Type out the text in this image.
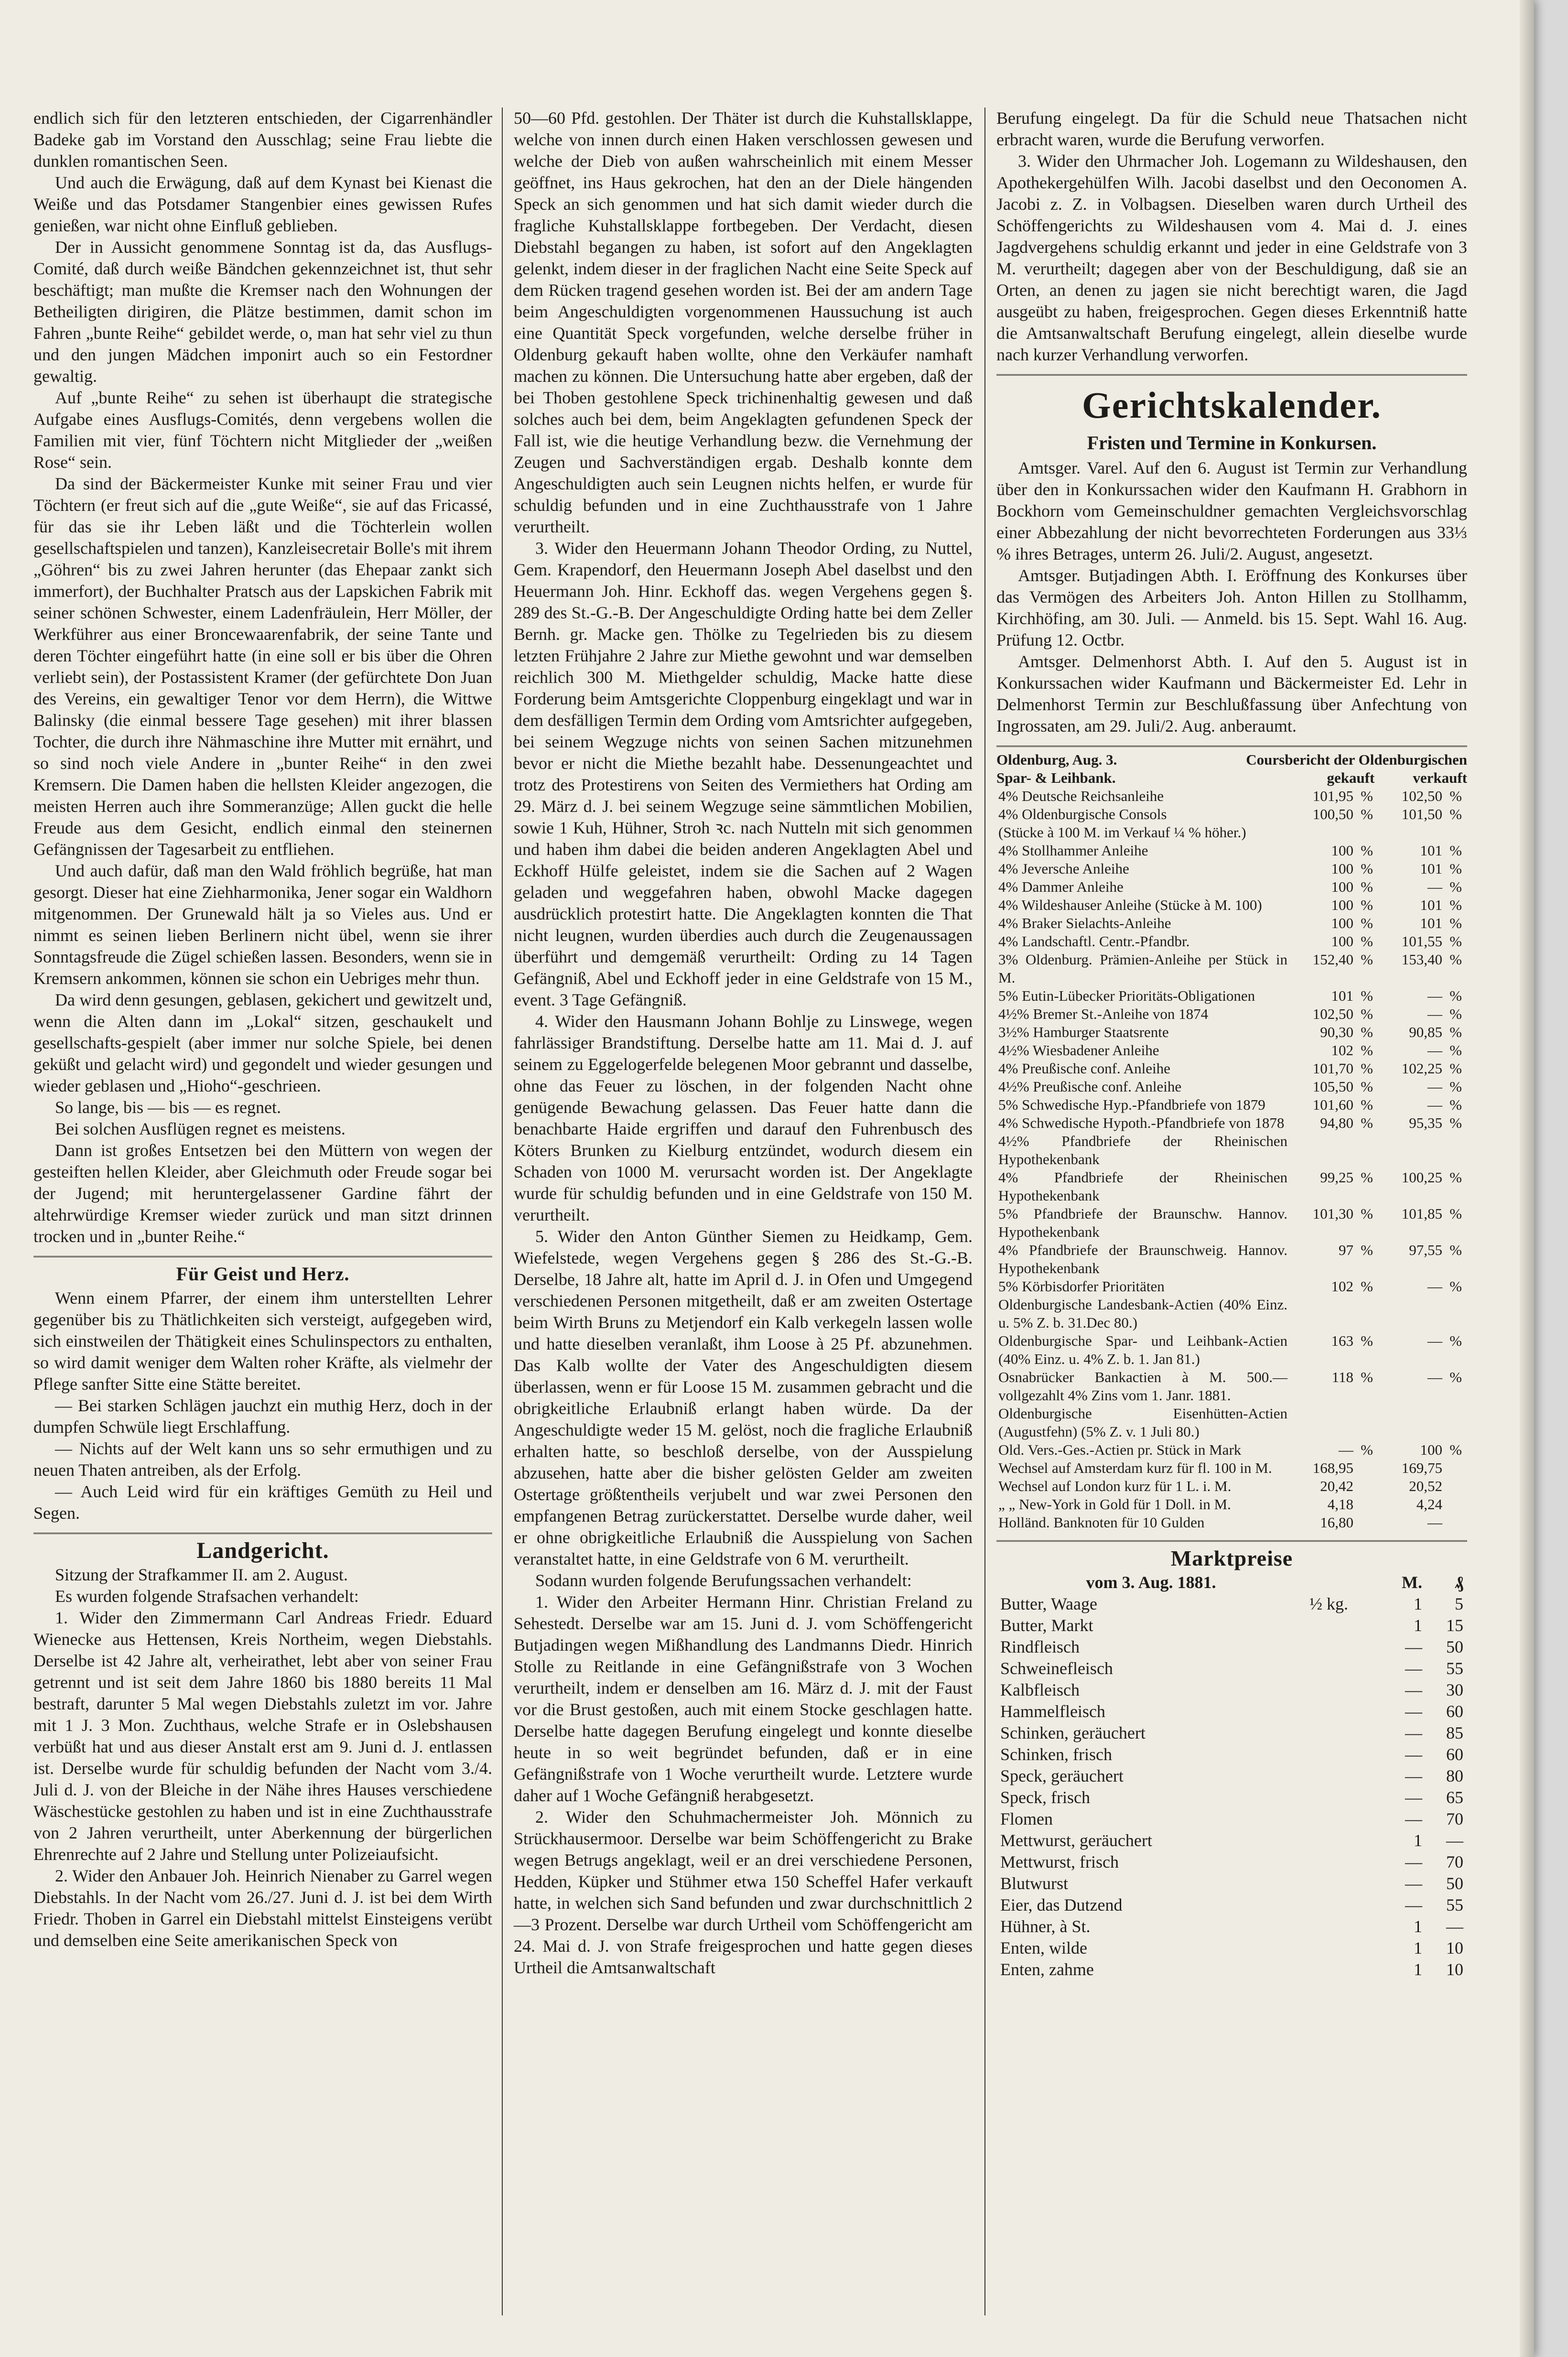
endlich sich für den letzteren entschieden, der Cigarrenhändler Badeke gab im Vorstand den Ausschlag; seine Frau liebte die dunklen romantischen Seen.

Und auch die Erwägung, daß auf dem Kynast bei Kienast die Weiße und das Potsdamer Stangenbier eines gewissen Rufes genießen, war nicht ohne Einfluß geblieben.

Der in Aussicht genommene Sonntag ist da, das Ausflugs-Comité, daß durch weiße Bändchen gekennzeichnet ist, thut sehr beschäftigt; man mußte die Kremser nach den Wohnungen der Betheiligten dirigiren, die Plätze bestimmen, damit schon im Fahren „bunte Reihe“ gebildet werde, o, man hat sehr viel zu thun und den jungen Mädchen imponirt auch so ein Festordner gewaltig.

Auf „bunte Reihe“ zu sehen ist überhaupt die strategische Aufgabe eines Ausflugs-Comités, denn vergebens wollen die Familien mit vier, fünf Töchtern nicht Mitglieder der „weißen Rose“ sein.

Da sind der Bäckermeister Kunke mit seiner Frau und vier Töchtern (er freut sich auf die „gute Weiße“, sie auf das Fricassé, für das sie ihr Leben läßt und die Töchterlein wollen gesellschaftspielen und tanzen), Kanzleisecretair Bolle's mit ihrem „Göhren“ bis zu zwei Jahren herunter (das Ehepaar zankt sich immerfort), der Buchhalter Pratsch aus der Lapskichen Fabrik mit seiner schönen Schwester, einem Ladenfräulein, Herr Möller, der Werkführer aus einer Broncewaarenfabrik, der seine Tante und deren Töchter eingeführt hatte (in eine soll er bis über die Ohren verliebt sein), der Postassistent Kramer (der gefürchtete Don Juan des Vereins, ein gewaltiger Tenor vor dem Herrn), die Wittwe Balinsky (die einmal bessere Tage gesehen) mit ihrer blassen Tochter, die durch ihre Nähmaschine ihre Mutter mit ernährt, und so sind noch viele Andere in „bunter Reihe“ in den zwei Kremsern. Die Damen haben die hellsten Kleider angezogen, die meisten Herren auch ihre Sommeranzüge; Allen guckt die helle Freude aus dem Gesicht, endlich einmal den steinernen Gefängnissen der Tagesarbeit zu entfliehen.

Und auch dafür, daß man den Wald fröhlich begrüße, hat man gesorgt. Dieser hat eine Ziehharmonika, Jener sogar ein Waldhorn mitgenommen. Der Grunewald hält ja so Vieles aus. Und er nimmt es seinen lieben Berlinern nicht übel, wenn sie ihrer Sonntagsfreude die Zügel schießen lassen. Besonders, wenn sie in Kremsern ankommen, können sie schon ein Uebriges mehr thun.

Da wird denn gesungen, geblasen, gekichert und gewitzelt und, wenn die Alten dann im „Lokal“ sitzen, geschaukelt und gesellschafts-gespielt (aber immer nur solche Spiele, bei denen geküßt und gelacht wird) und gegondelt und wieder gesungen und wieder geblasen und „Hioho“-geschrieen.

So lange, bis — bis — es regnet.

Bei solchen Ausflügen regnet es meistens.

Dann ist großes Entsetzen bei den Müttern von wegen der gesteiften hellen Kleider, aber Gleichmuth oder Freude sogar bei der Jugend; mit heruntergelassener Gardine fährt der altehrwürdige Kremser wieder zurück und man sitzt drinnen trocken und in „bunter Reihe.“

Für Geist und Herz.

Wenn einem Pfarrer, der einem ihm unterstellten Lehrer gegenüber bis zu Thätlichkeiten sich versteigt, aufgegeben wird, sich einstweilen der Thätigkeit eines Schulinspectors zu enthalten, so wird damit weniger dem Walten roher Kräfte, als vielmehr der Pflege sanfter Sitte eine Stätte bereitet.

— Bei starken Schlägen jauchzt ein muthig Herz, doch in der dumpfen Schwüle liegt Erschlaffung.

— Nichts auf der Welt kann uns so sehr ermuthigen und zu neuen Thaten antreiben, als der Erfolg.

— Auch Leid wird für ein kräftiges Gemüth zu Heil und Segen.

Landgericht.

Sitzung der Strafkammer II. am 2. August.

Es wurden folgende Strafsachen verhandelt:

1. Wider den Zimmermann Carl Andreas Friedr. Eduard Wienecke aus Hettensen, Kreis Northeim, wegen Diebstahls. Derselbe ist 42 Jahre alt, verheirathet, lebt aber von seiner Frau getrennt und ist seit dem Jahre 1860 bis 1880 bereits 11 Mal bestraft, darunter 5 Mal wegen Diebstahls zuletzt im vor. Jahre mit 1 J. 3 Mon. Zuchthaus, welche Strafe er in Oslebshausen verbüßt hat und aus dieser Anstalt erst am 9. Juni d. J. entlassen ist. Derselbe wurde für schuldig befunden der Nacht vom 3./4. Juli d. J. von der Bleiche in der Nähe ihres Hauses verschiedene Wäschestücke gestohlen zu haben und ist in eine Zuchthausstrafe von 2 Jahren verurtheilt, unter Aberkennung der bürgerlichen Ehrenrechte auf 2 Jahre und Stellung unter Polizeiaufsicht.

2. Wider den Anbauer Joh. Heinrich Nienaber zu Garrel wegen Diebstahls. In der Nacht vom 26./27. Juni d. J. ist bei dem Wirth Friedr. Thoben in Garrel ein Diebstahl mittelst Einsteigens verübt und demselben eine Seite amerikanischen Speck von

50—60 Pfd. gestohlen. Der Thäter ist durch die Kuhstallsklappe, welche von innen durch einen Haken verschlossen gewesen und welche der Dieb von außen wahrscheinlich mit einem Messer geöffnet, ins Haus gekrochen, hat den an der Diele hängenden Speck an sich genommen und hat sich damit wieder durch die fragliche Kuhstallsklappe fortbegeben. Der Verdacht, diesen Diebstahl begangen zu haben, ist sofort auf den Angeklagten gelenkt, indem dieser in der fraglichen Nacht eine Seite Speck auf dem Rücken tragend gesehen worden ist. Bei der am andern Tage beim Angeschuldigten vorgenommenen Haussuchung ist auch eine Quantität Speck vorgefunden, welche derselbe früher in Oldenburg gekauft haben wollte, ohne den Verkäufer namhaft machen zu können. Die Untersuchung hatte aber ergeben, daß der bei Thoben gestohlene Speck trichinenhaltig gewesen und daß solches auch bei dem, beim Angeklagten gefundenen Speck der Fall ist, wie die heutige Verhandlung bezw. die Vernehmung der Zeugen und Sachverständigen ergab. Deshalb konnte dem Angeschuldigten auch sein Leugnen nichts helfen, er wurde für schuldig befunden und in eine Zuchthausstrafe von 1 Jahre verurtheilt.

3. Wider den Heuermann Johann Theodor Ording, zu Nuttel, Gem. Krapendorf, den Heuermann Joseph Abel daselbst und den Heuermann Joh. Hinr. Eckhoff das. wegen Vergehens gegen §. 289 des St.-G.-B. Der Angeschuldigte Ording hatte bei dem Zeller Bernh. gr. Macke gen. Thölke zu Tegelrieden bis zu diesem letzten Frühjahre 2 Jahre zur Miethe gewohnt und war demselben reichlich 300 M. Miethgelder schuldig, Macke hatte diese Forderung beim Amtsgerichte Cloppenburg eingeklagt und war in dem desfälligen Termin dem Ording vom Amtsrichter aufgegeben, bei seinem Wegzuge nichts von seinen Sachen mitzunehmen bevor er nicht die Miethe bezahlt habe. Dessenungeachtet und trotz des Protestirens von Seiten des Vermiethers hat Ording am 29. März d. J. bei seinem Wegzuge seine sämmtlichen Mobilien, sowie 1 Kuh, Hühner, Stroh ꝛc. nach Nutteln mit sich genommen und haben ihm dabei die beiden anderen Angeklagten Abel und Eckhoff Hülfe geleistet, indem sie die Sachen auf 2 Wagen geladen und weggefahren haben, obwohl Macke dagegen ausdrücklich protestirt hatte. Die Angeklagten konnten die That nicht leugnen, wurden überdies auch durch die Zeugenaussagen überführt und demgemäß verurtheilt: Ording zu 14 Tagen Gefängniß, Abel und Eckhoff jeder in eine Geldstrafe von 15 M., event. 3 Tage Gefängniß.

4. Wider den Hausmann Johann Bohlje zu Linswege, wegen fahrlässiger Brandstiftung. Derselbe hatte am 11. Mai d. J. auf seinem zu Eggelogerfelde belegenen Moor gebrannt und dasselbe, ohne das Feuer zu löschen, in der folgenden Nacht ohne genügende Bewachung gelassen. Das Feuer hatte dann die benachbarte Haide ergriffen und darauf den Fuhrenbusch des Köters Brunken zu Kielburg entzündet, wodurch diesem ein Schaden von 1000 M. verursacht worden ist. Der Angeklagte wurde für schuldig befunden und in eine Geldstrafe von 150 M. verurtheilt.

5. Wider den Anton Günther Siemen zu Heidkamp, Gem. Wiefelstede, wegen Vergehens gegen § 286 des St.-G.-B. Derselbe, 18 Jahre alt, hatte im April d. J. in Ofen und Umgegend verschiedenen Personen mitgetheilt, daß er am zweiten Ostertage beim Wirth Bruns zu Metjendorf ein Kalb verkegeln lassen wolle und hatte dieselben veranlaßt, ihm Loose à 25 Pf. abzunehmen. Das Kalb wollte der Vater des Angeschuldigten diesem überlassen, wenn er für Loose 15 M. zusammen gebracht und die obrigkeitliche Erlaubniß erlangt haben würde. Da der Angeschuldigte weder 15 M. gelöst, noch die fragliche Erlaubniß erhalten hatte, so beschloß derselbe, von der Ausspielung abzusehen, hatte aber die bisher gelösten Gelder am zweiten Ostertage größtentheils verjubelt und war zwei Personen den empfangenen Betrag zurückerstattet. Derselbe wurde daher, weil er ohne obrigkeitliche Erlaubniß die Ausspielung von Sachen veranstaltet hatte, in eine Geldstrafe von 6 M. verurtheilt.

Sodann wurden folgende Berufungssachen verhandelt:

1. Wider den Arbeiter Hermann Hinr. Christian Freland zu Sehestedt. Derselbe war am 15. Juni d. J. vom Schöffengericht Butjadingen wegen Mißhandlung des Landmanns Diedr. Hinrich Stolle zu Reitlande in eine Gefängnißstrafe von 3 Wochen verurtheilt, indem er denselben am 16. März d. J. mit der Faust vor die Brust gestoßen, auch mit einem Stocke geschlagen hatte. Derselbe hatte dagegen Berufung eingelegt und konnte dieselbe heute in so weit begründet befunden, daß er in eine Gefängnißstrafe von 1 Woche verurtheilt wurde. Letztere wurde daher auf 1 Woche Gefängniß herabgesetzt.

2. Wider den Schuhmachermeister Joh. Mönnich zu Strückhausermoor. Derselbe war beim Schöffengericht zu Brake wegen Betrugs angeklagt, weil er an drei verschiedene Personen, Hedden, Küpker und Stühmer etwa 150 Scheffel Hafer verkauft hatte, in welchen sich Sand befunden und zwar durchschnittlich 2—3 Prozent. Derselbe war durch Urtheil vom Schöffengericht am 24. Mai d. J. von Strafe freigesprochen und hatte gegen dieses Urtheil die Amtsanwaltschaft

Berufung eingelegt. Da für die Schuld neue Thatsachen nicht erbracht waren, wurde die Berufung verworfen.

3. Wider den Uhrmacher Joh. Logemann zu Wildeshausen, den Apothekergehülfen Wilh. Jacobi daselbst und den Oeconomen A. Jacobi z. Z. in Volbagsen. Dieselben waren durch Urtheil des Schöffengerichts zu Wildeshausen vom 4. Mai d. J. eines Jagdvergehens schuldig erkannt und jeder in eine Geldstrafe von 3 M. verurtheilt; dagegen aber von der Beschuldigung, daß sie an Orten, an denen zu jagen sie nicht berechtigt waren, die Jagd ausgeübt zu haben, freigesprochen. Gegen dieses Erkenntniß hatte die Amtsanwaltschaft Berufung eingelegt, allein dieselbe wurde nach kurzer Verhandlung verworfen.

Gerichtskalender.
Fristen und Termine in Konkursen.

Amtsger. Varel. Auf den 6. August ist Termin zur Verhandlung über den in Konkurssachen wider den Kaufmann H. Grabhorn in Bockhorn vom Gemeinschuldner gemachten Vergleichsvorschlag einer Abbezahlung der nicht bevorrechteten Forderungen aus 33⅓ % ihres Betrages, unterm 26. Juli/2. August, angesetzt.

Amtsger. Butjadingen Abth. I. Eröffnung des Konkurses über das Vermögen des Arbeiters Joh. Anton Hillen zu Stollhamm, Kirchhöfing, am 30. Juli. — Anmeld. bis 15. Sept. Wahl 16. Aug. Prüfung 12. Octbr.

Amtsger. Delmenhorst Abth. I. Auf den 5. August ist in Konkurssachen wider Kaufmann und Bäckermeister Ed. Lehr in Delmenhorst Termin zur Beschlußfassung über Anfechtung von Ingrossaten, am 29. Juli/2. Aug. anberaumt.

Oldenburg, Aug. 3.	Coursbericht der Oldenburgischen
Spar- & Leihbank.	gekauft	verkauft
4% Deutsche Reichsanleihe	101,95	%	102,50	%
4% Oldenburgische Consols	100,50	%	101,50	%
(Stücke à 100 M. im Verkauf ¼ % höher.)				
4% Stollhammer Anleihe	100	%	101	%
4% Jeversche Anleihe	100	%	101	%
4% Dammer Anleihe	100	%	—	%
4% Wildeshauser Anleihe (Stücke à M. 100)	100	%	101	%
4% Braker Sielachts-Anleihe	100	%	101	%
4% Landschaftl. Centr.-Pfandbr.	100	%	101,55	%
3% Oldenburg. Prämien-Anleihe per Stück in M.	152,40	%	153,40	%
5% Eutin-Lübecker Prioritäts-Obligationen	101	%	—	%
4½% Bremer St.-Anleihe von 1874	102,50	%	—	%
3½% Hamburger Staatsrente	90,30	%	90,85	%
4½% Wiesbadener Anleihe	102	%	—	%
4% Preußische conf. Anleihe	101,70	%	102,25	%
4½% Preußische conf. Anleihe	105,50	%	—	%
5% Schwedische Hyp.-Pfandbriefe von 1879	101,60	%	—	%
4% Schwedische Hypoth.-Pfandbriefe von 1878	94,80	%	95,35	%
4½% Pfandbriefe der Rheinischen Hypothekenbank				
4% Pfandbriefe der Rheinischen Hypothekenbank	99,25	%	100,25	%
5% Pfandbriefe der Braunschw. Hannov. Hypothekenbank	101,30	%	101,85	%
4% Pfandbriefe der Braunschweig. Hannov. Hypothekenbank	97	%	97,55	%
5% Körbisdorfer Prioritäten	102	%	—	%
Oldenburgische Landesbank-Actien (40% Einz. u. 5% Z. b. 31.Dec 80.)				
Oldenburgische Spar- und Leihbank-Actien (40% Einz. u. 4% Z. b. 1. Jan 81.)	163	%	—	%
Osnabrücker Bankactien à M. 500.— vollgezahlt 4% Zins vom 1. Janr. 1881.	118	%	—	%
Oldenburgische Eisenhütten-Actien (Augustfehn) (5% Z. v. 1 Juli 80.)				
Old. Vers.-Ges.-Actien pr. Stück in Mark	—	%	100	%
Wechsel auf Amsterdam kurz für fl. 100 in M.	168,95		169,75	
Wechsel auf London kurz für 1 L. i. M.	20,42		20,52	
„ „ New-York in Gold für 1 Doll. in M.	4,18		4,24	
Holländ. Banknoten für 10 Gulden	16,80		—	
Marktpreise
vom 3. Aug. 1881.		M.	₰
Butter, Waage	½ kg.	1	5
Butter, Markt		1	15
Rindfleisch		—	50
Schweinefleisch		—	55
Kalbfleisch		—	30
Hammelfleisch		—	60
Schinken, geräuchert		—	85
Schinken, frisch		—	60
Speck, geräuchert		—	80
Speck, frisch		—	65
Flomen		—	70
Mettwurst, geräuchert		1	—
Mettwurst, frisch		—	70
Blutwurst		—	50
Eier, das Dutzend		—	55
Hühner, à St.		1	—
Enten, wilde		1	10
Enten, zahme		1	10
